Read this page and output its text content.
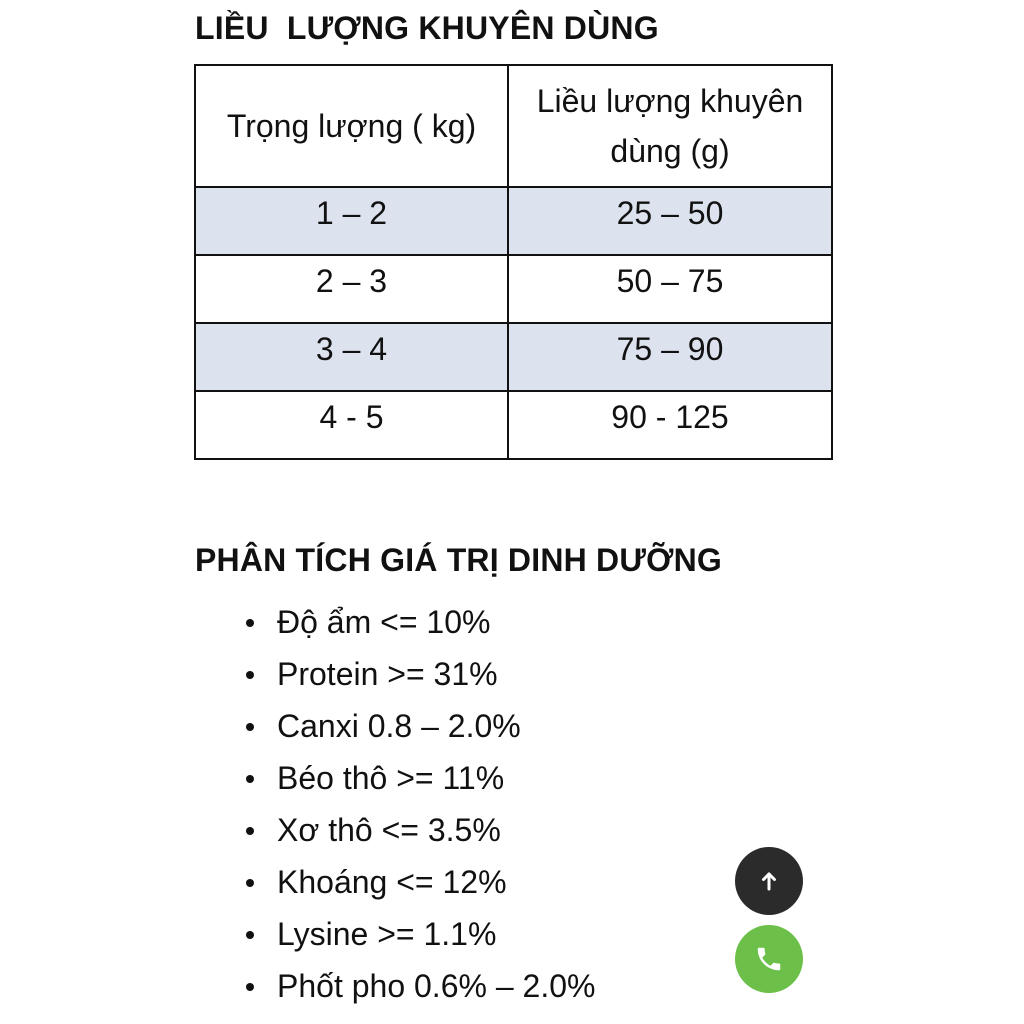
LIỀU  LƯỢNG KHUYÊN DÙNG
Trọng lượng ( kg)	Liều lượng khuyên dùng (g)
1 – 2	25 – 50
2 – 3	50 – 75
3 – 4	75 – 90
4 - 5	90 - 125
PHÂN TÍCH GIÁ TRỊ DINH DƯỠNG
Độ ẩm <= 10%
Protein >= 31%
Canxi 0.8 – 2.0%
Béo thô >= 11%
Xơ thô <= 3.5%
Khoáng <= 12%
Lysine >= 1.1%
Phốt pho 0.6% – 2.0%
